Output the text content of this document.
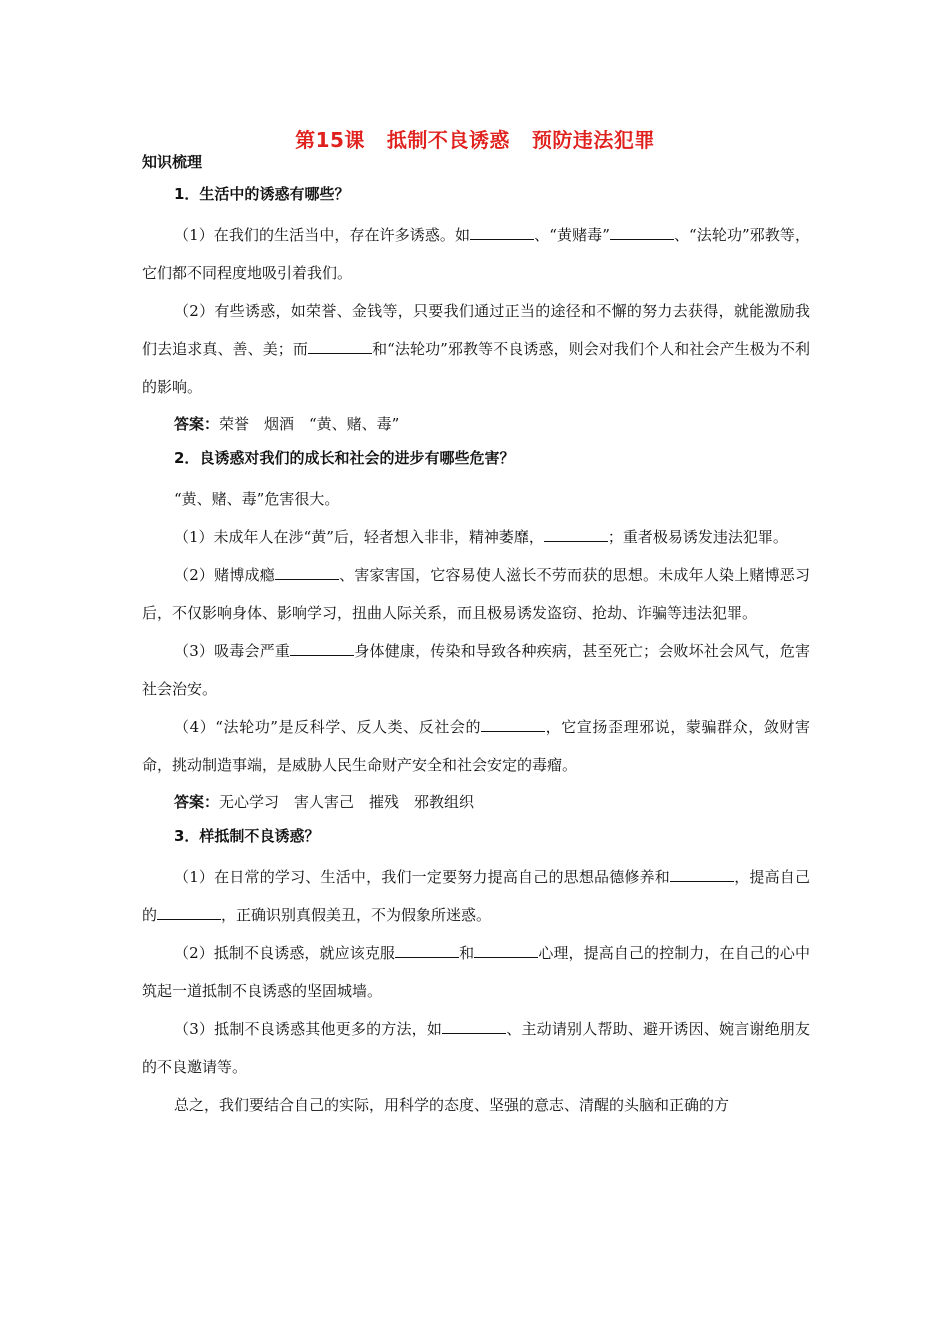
第15课 抵制不良诱惑 预防违法犯罪
知识梳理
1．生活中的诱惑有哪些？

（1）在我们的生活当中，存在许多诱惑。如	、“黄赌毒”	、“法轮功”邪教等，它们都不同程度地吸引着我们。

（2）有些诱惑，如荣誉、金钱等，只要我们通过正当的途径和不懈的努力去获得，就能激励我们去追求真、善、美；而	和“法轮功”邪教等不良诱惑，则会对我们个人和社会产生极为不利的影响。

答案：荣誉　烟酒　“黄、赌、毒”
2．良诱惑对我们的成长和社会的进步有哪些危害？

“黄、赌、毒”危害很大。

（1）未成年人在涉“黄”后，轻者想入非非，精神萎靡，	；重者极易诱发违法犯罪。

（2）赌博成瘾	、害家害国，它容易使人滋长不劳而获的思想。未成年人染上赌博恶习后，不仅影响身体、影响学习，扭曲人际关系，而且极易诱发盗窃、抢劫、诈骗等违法犯罪。

（3）吸毒会严重	身体健康，传染和导致各种疾病，甚至死亡；会败坏社会风气，危害社会治安。

（4）“法轮功”是反科学、反人类、反社会的	，它宣扬歪理邪说，蒙骗群众，敛财害命，挑动制造事端，是威胁人民生命财产安全和社会安定的毒瘤。

答案：无心学习　害人害己　摧残　邪教组织
3．样抵制不良诱惑？

（1）在日常的学习、生活中，我们一定要努力提高自己的思想品德修养和	，提高自己的	，正确识别真假美丑，不为假象所迷惑。

（2）抵制不良诱惑，就应该克服	和	心理，提高自己的控制力，在自己的心中筑起一道抵制不良诱惑的坚固城墙。

（3）抵制不良诱惑其他更多的方法，如	、主动请别人帮助、避开诱因、婉言谢绝朋友的不良邀请等。

总之，我们要结合自己的实际，用科学的态度、坚强的意志、清醒的头脑和正确的方
